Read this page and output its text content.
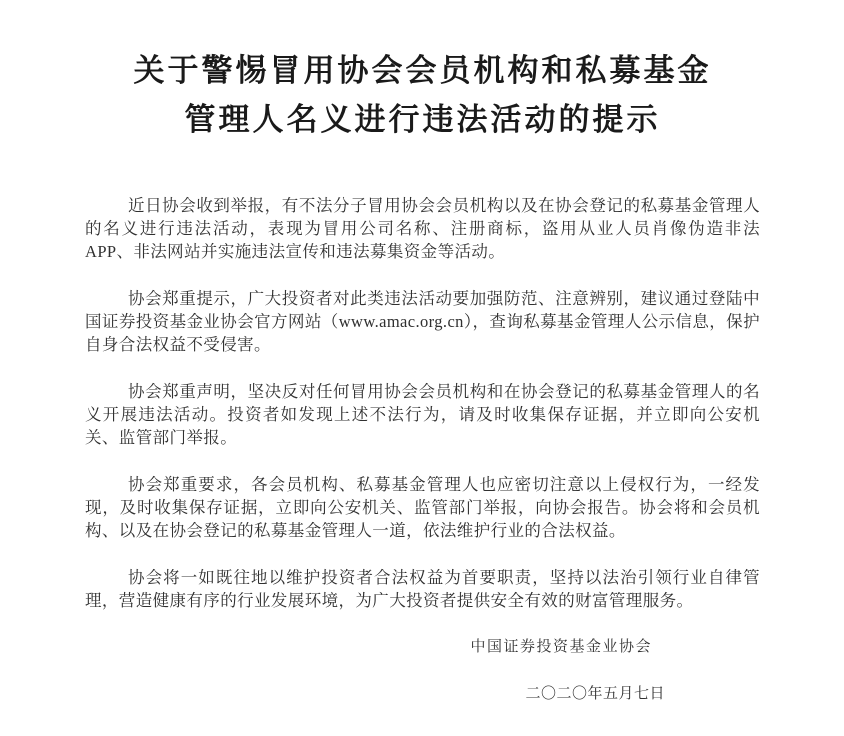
关于警惕冒用协会会员机构和私募基金
管理人名义进行违法活动的提示

近日协会收到举报，有不法分子冒用协会会员机构以及在协会登记的私募基金管理人的名义进行违法活动，表现为冒用公司名称、注册商标，盗用从业人员肖像伪造非法 APP、非法网站并实施违法宣传和违法募集资金等活动。

协会郑重提示，广大投资者对此类违法活动要加强防范、注意辨别，建议通过登陆中国证券投资基金业协会官方网站（www.amac.org.cn），查询私募基金管理人公示信息，保护自身合法权益不受侵害。

协会郑重声明，坚决反对任何冒用协会会员机构和在协会登记的私募基金管理人的名义开展违法活动。投资者如发现上述不法行为，请及时收集保存证据，并立即向公安机关、监管部门举报。

协会郑重要求，各会员机构、私募基金管理人也应密切注意以上侵权行为，一经发现，及时收集保存证据，立即向公安机关、监管部门举报，向协会报告。协会将和会员机构、以及在协会登记的私募基金管理人一道，依法维护行业的合法权益。

协会将一如既往地以维护投资者合法权益为首要职责，坚持以法治引领行业自律管理，营造健康有序的行业发展环境，为广大投资者提供安全有效的财富管理服务。

中国证券投资基金业协会
二〇二〇年五月七日
